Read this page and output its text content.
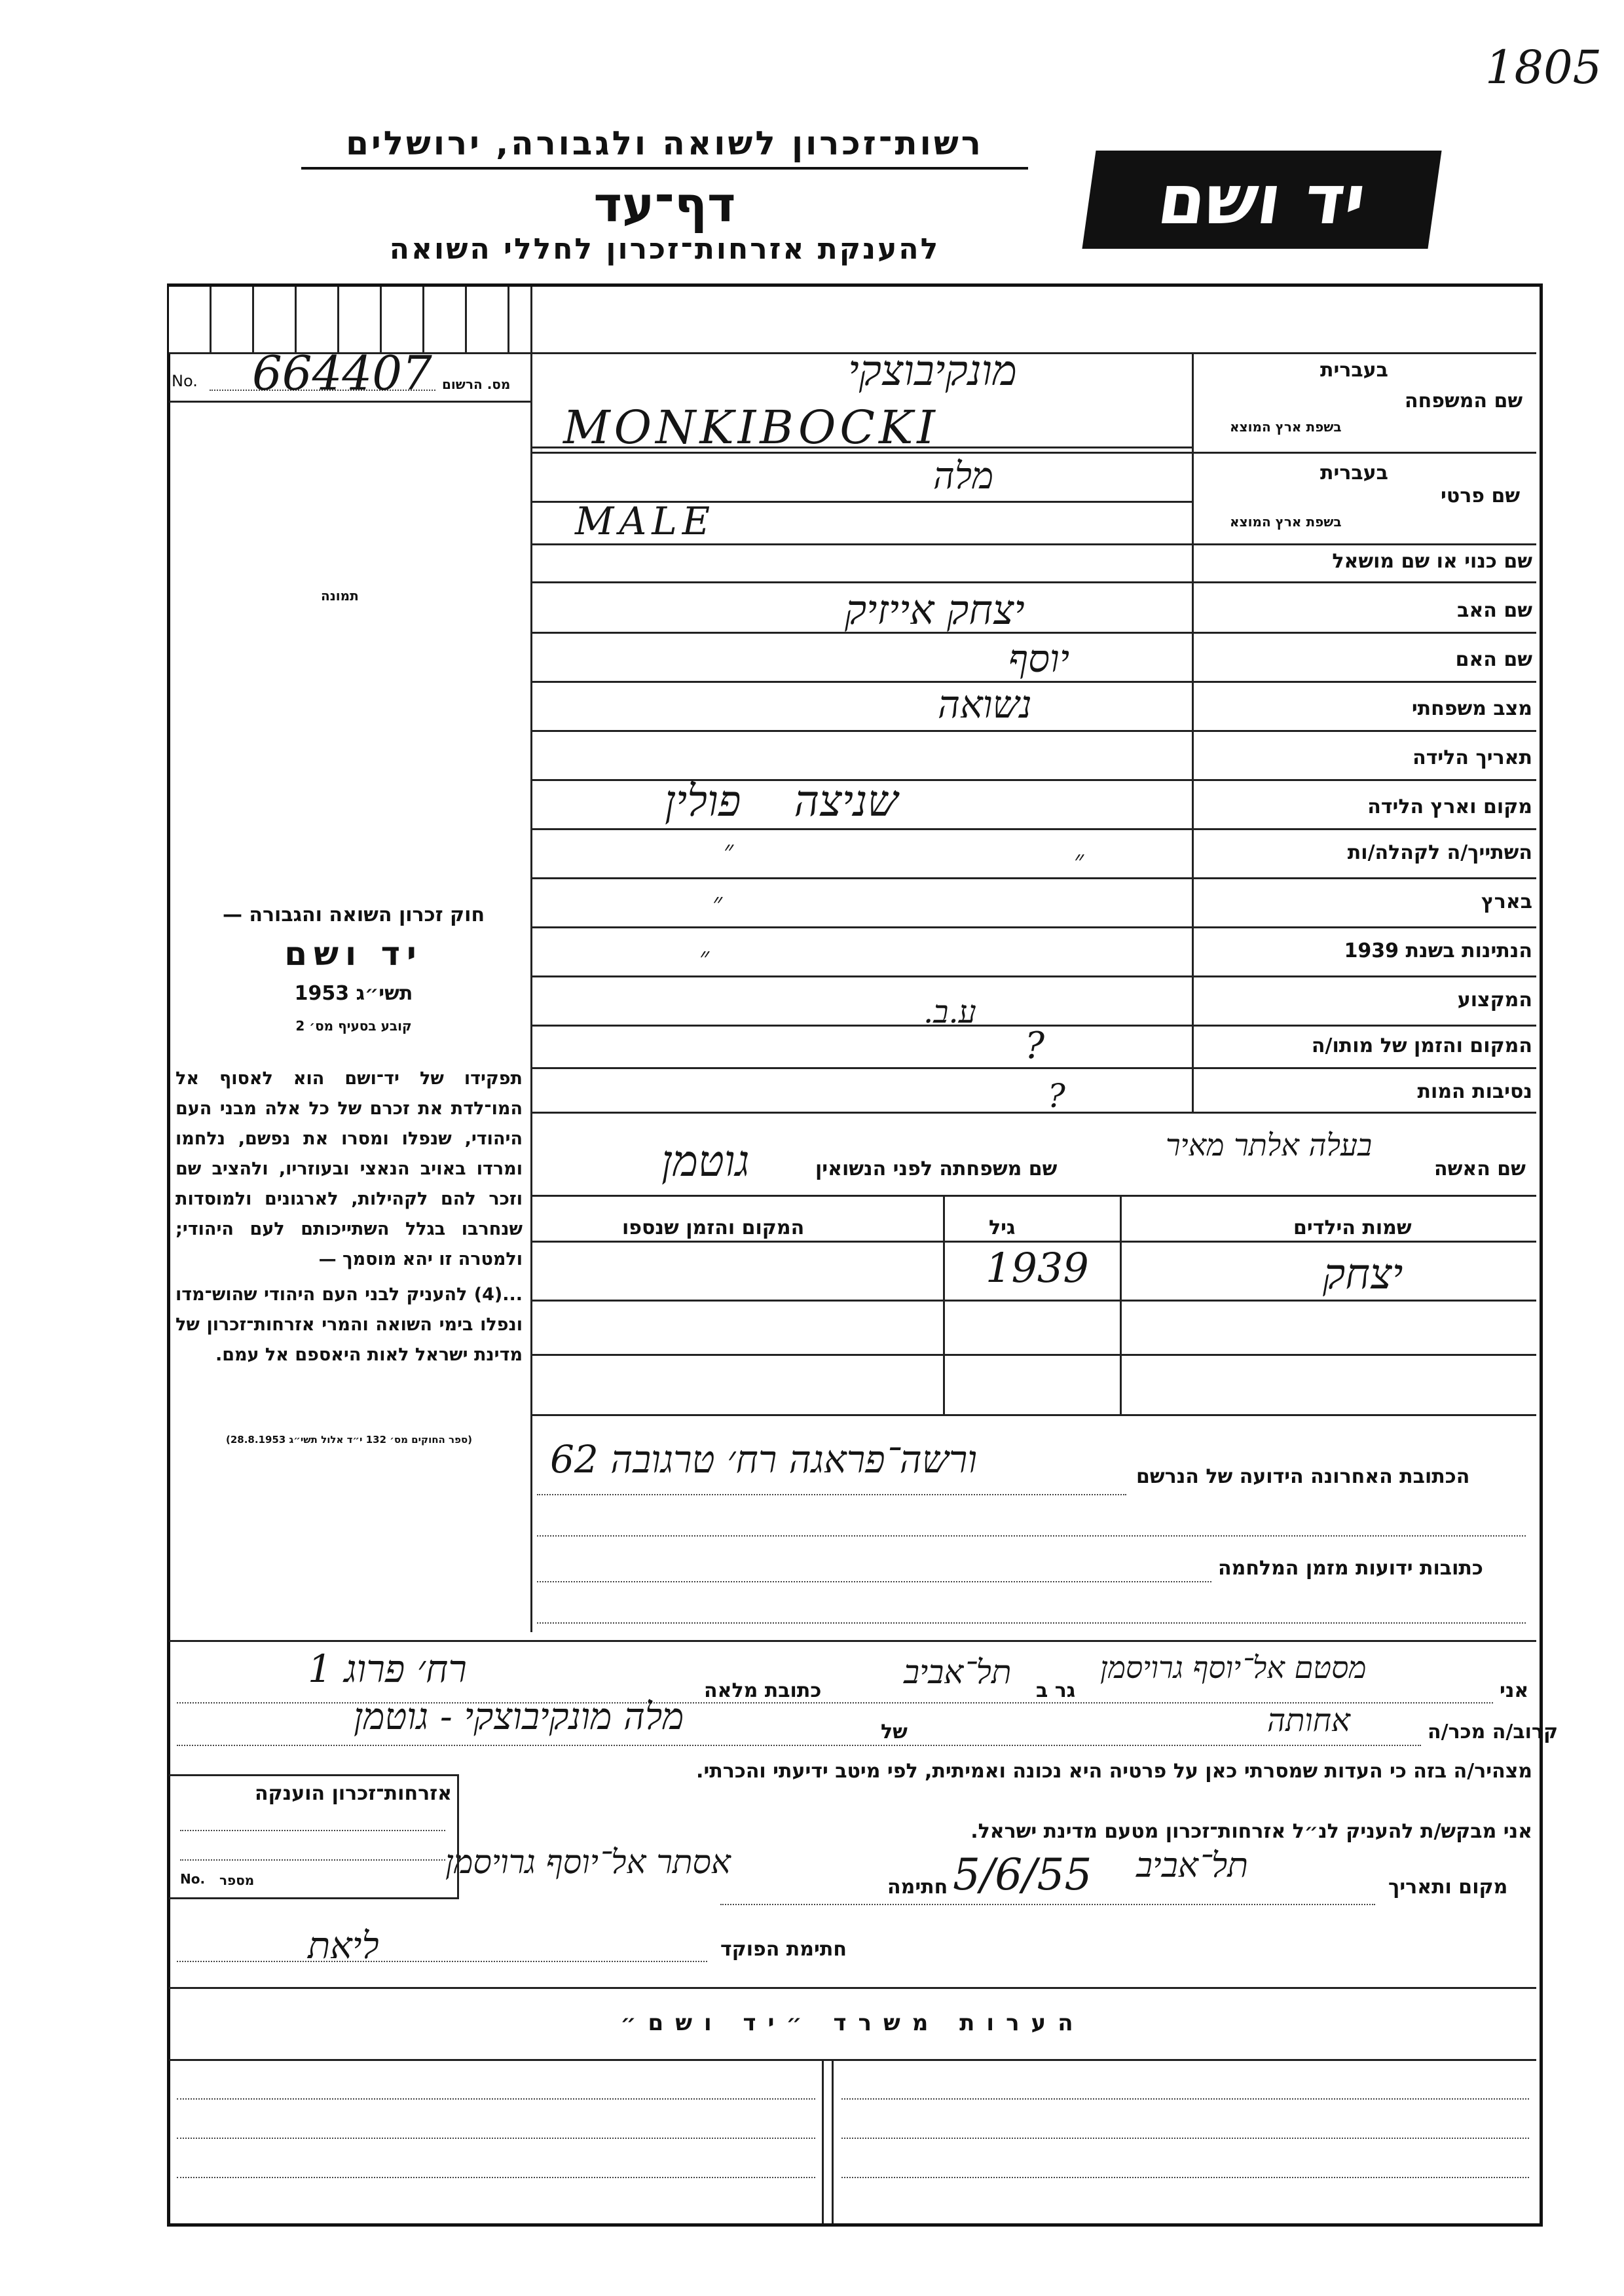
1805
רשות־זכרון לשואה ולגבורה, ירושלים
דף־עד
להענקת אזרחות־זכרון לחללי השואה
יד ושם
No.	מס. הרשום
664407
תמונה
חוק זכרון השואה והגבורה —
יד ושם
תשי״ג 1953
קובע בסעיף מס׳ 2
תפקידו של יד־ושם הוא לאסוף אל המו־לדת את זכרם של כל אלה מבני העם היהודי, שנפלו ומסרו את נפשם, נלחמו ומרדו באויב הנאצי ובעוזריו, ולהציב שם וזכר להם לקהילות, לארגונים ולמוסדות שנחרבו בגלל השתייכותם לעם היהודי; ולמטרה זו יהא מוסמך —
...(4) להעניק לבני העם היהודי שהוש־מדו ונפלו בימי השואה והמרי אזרחות־זכרון של מדינת ישראל לאות היאספם אל עמם.
(ספר החוקים מס׳ 132 י״ד אלול תשי״ג 28.8.1953)
בעברית
בשפת ארץ המוצא
שם המשפחה
מונקיבוצקי
MONKIBOCKI
בעברית
בשפת ארץ המוצא
שם פרטי
מלה
MALE
שם כנוי או שם מושאל
שם האב
יצחק אייזיק
שם האם
יוסף
מצב משפחתי
נשואה
תאריך הלידה
מקום וארץ הלידה
שניצה פולין
השתייך/ה לקהלה/ות
״
״
בארץ
״
הנתינות בשנת 1939
״
המקצוע
ע.ב.
המקום והזמן של מותו/ה
?
נסיבות המות
?
שם האשה
בעלה אלתר מאיר
שם משפחתה לפני הנשואין
גוטמן
שמות הילדים
גיל
המקום והזמן שנספו
יצחק
1939
הכתובת האחרונה הידועה של הנרשם
ורשה־פראגה רח׳ טרגובה 62
כתובות ידועות מזמן המלחמה
אני
מסטם אל־יוסף גרויסמן
גר ב
תל־אביב
כתובת מלאה
רח׳ פרוג 1
קרוב/ה מכר/ה
אחותה
של
מלה מונקיבוצקי - גוטמן
מצהיר/ה בזה כי העדות שמסרתי כאן על פרטיה היא נכונה ואמיתית, לפי מיטב ידיעתי והכרתי.
אני מבקש/ת להעניק לנ״ל אזרחות־זכרון מטעם מדינת ישראל.
מקום ותאריך
תל־אביב
5/6/55
חתימה
אסתר אל־יוסף גרויסמן
חתימת הפוקד
ליאת
אזרחות־זכרון הוענקה
No. מספר
הערות משרד ״יד ושם״
